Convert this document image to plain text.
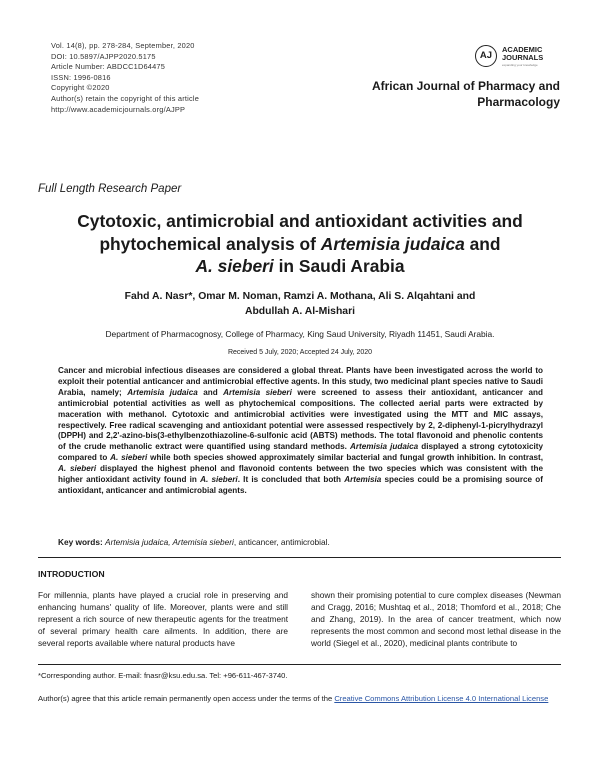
Vol. 14(8), pp. 278-284, September, 2020
DOI: 10.5897/AJPP2020.5175
Article Number: ABDCC1D64475
ISSN: 1996-0816
Copyright ©2020
Author(s) retain the copyright of this article
http://www.academicjournals.org/AJPP
AJ
ACADEMIC
JOURNALS
expanding your knowledge
African Journal of Pharmacy and
Pharmacology
Full Length Research Paper
Cytotoxic, antimicrobial and antioxidant activities and
phytochemical analysis of Artemisia judaica and
A. sieberi in Saudi Arabia
Fahd A. Nasr*, Omar M. Noman, Ramzi A. Mothana, Ali S. Alqahtani and
Abdullah A. Al-Mishari
Department of Pharmacognosy, College of Pharmacy, King Saud University, Riyadh 11451, Saudi Arabia.
Received 5 July, 2020; Accepted 24 July, 2020
Cancer and microbial infectious diseases are considered a global threat. Plants have been investigated across the world to exploit their potential anticancer and antimicrobial effective agents. In this study, two medicinal plant species native to Saudi Arabia, namely; Artemisia judaica and Artemisia sieberi were screened to assess their antioxidant, anticancer and antimicrobial potential activities as well as phytochemical compositions. The collected aerial parts were extracted by maceration with methanol. Cytotoxic and antimicrobial activities were investigated using the MTT and MIC assays, respectively. Free radical scavenging and antioxidant potential were assessed respectively by 2, 2-diphenyl-1-picrylhydrazyl (DPPH) and 2,2'-azino-bis(3-ethylbenzothiazoline-6-sulfonic acid (ABTS) methods. The total flavonoid and phenolic contents of the crude methanolic extract were quantified using standard methods. Artemisia judaica displayed a strong cytotoxicity compared to A. sieberi while both species showed approximately similar bacterial and fungal growth inhibition. In contrast, A. sieberi displayed the highest phenol and flavonoid contents between the two species which was consistent with the higher antioxidant activity found in A. sieberi. It is concluded that both Artemisia species could be a promising source of antioxidant, anticancer and antimicrobial agents.
Key words: Artemisia judaica, Artemisia sieberi, anticancer, antimicrobial.
INTRODUCTION
For millennia, plants have played a crucial role in preserving and enhancing humans' quality of life. Moreover, plants were and still represent a rich source of new therapeutic agents for the treatment of several primary health care ailments. In addition, there are several reports available where natural products have
shown their promising potential to cure complex diseases (Newman and Cragg, 2016; Mushtaq et al., 2018; Thomford et al., 2018; Che and Zhang, 2019). In the area of cancer treatment, which now represents the most common and second most lethal disease in the world (Siegel et al., 2020), medicinal plants contribute to
*Corresponding author. E-mail: fnasr@ksu.edu.sa. Tel: +96-611-467-3740.
Author(s) agree that this article remain permanently open access under the terms of the Creative Commons Attribution License 4.0 International License
